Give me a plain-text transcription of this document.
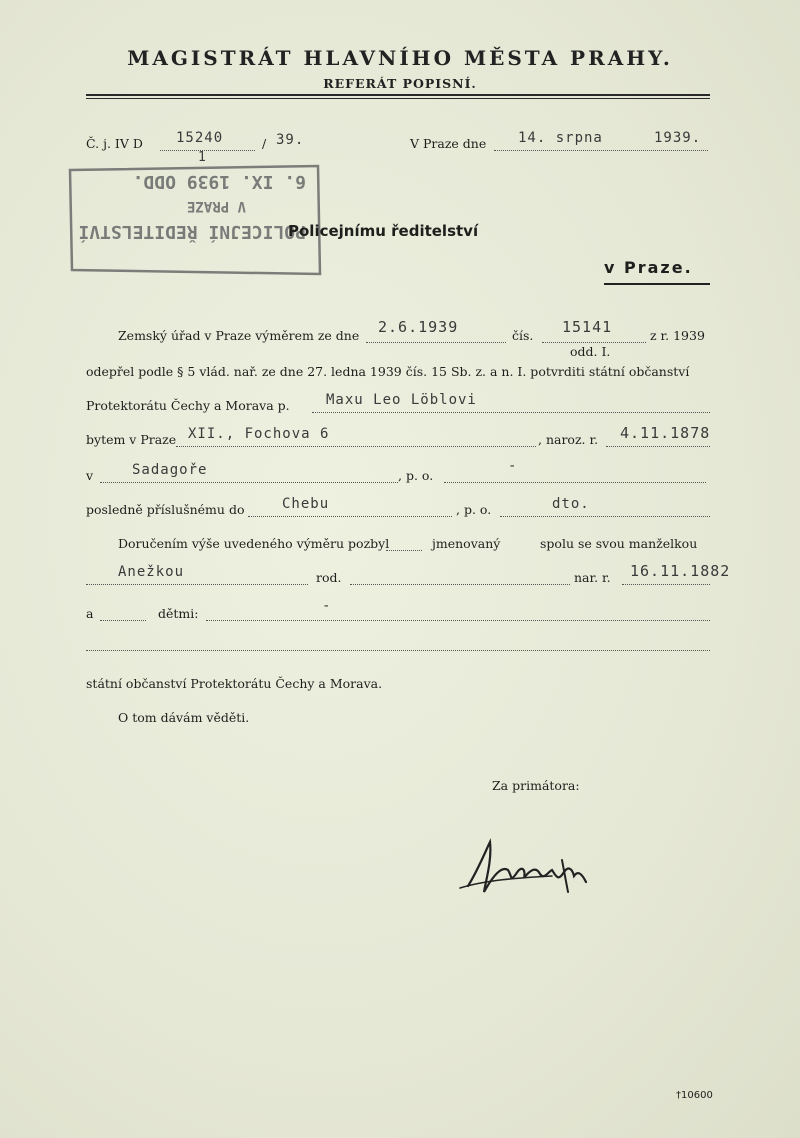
MAGISTRÁT HLAVNÍHO MĚSTA PRAHY.
REFERÁT POPISNÍ.
Č. j. IV D 15240	/ 39.
1
V Praze dne 14. srpna	1939.
POLICEJNÍ ŘEDITELSTVÍ
V PRAZE
6. IX. 1939 ODD.
Policejnímu ředitelství
v Praze.
Zemský úřad v Praze výměrem ze dne 2.6.1939	čís. 15141	z r. 1939
odd. I.
odepřel podle § 5 vlád. nař. ze dne 27. ledna 1939 čís. 15 Sb. z. a n. I. potvrditi státní občanství
Protektorátu Čechy a Morava p.	Maxu Leo Löblovi
bytem v Praze XII., Fochova 6	, naroz. r. 4.11.1878
v	Sadagoře	, p. o.
-
posledně příslušnému do	Chebu	, p. o.	dto.
Doručením výše uvedeného výměru pozbyl	jmenovaný	spolu se svou manželkou
Anežkou	rod.	nar. r. 16.11.1882
a	dětmi:	-
státní občanství Protektorátu Čechy a Morava.
O tom dávám věděti.
Za primátora:
†10600
